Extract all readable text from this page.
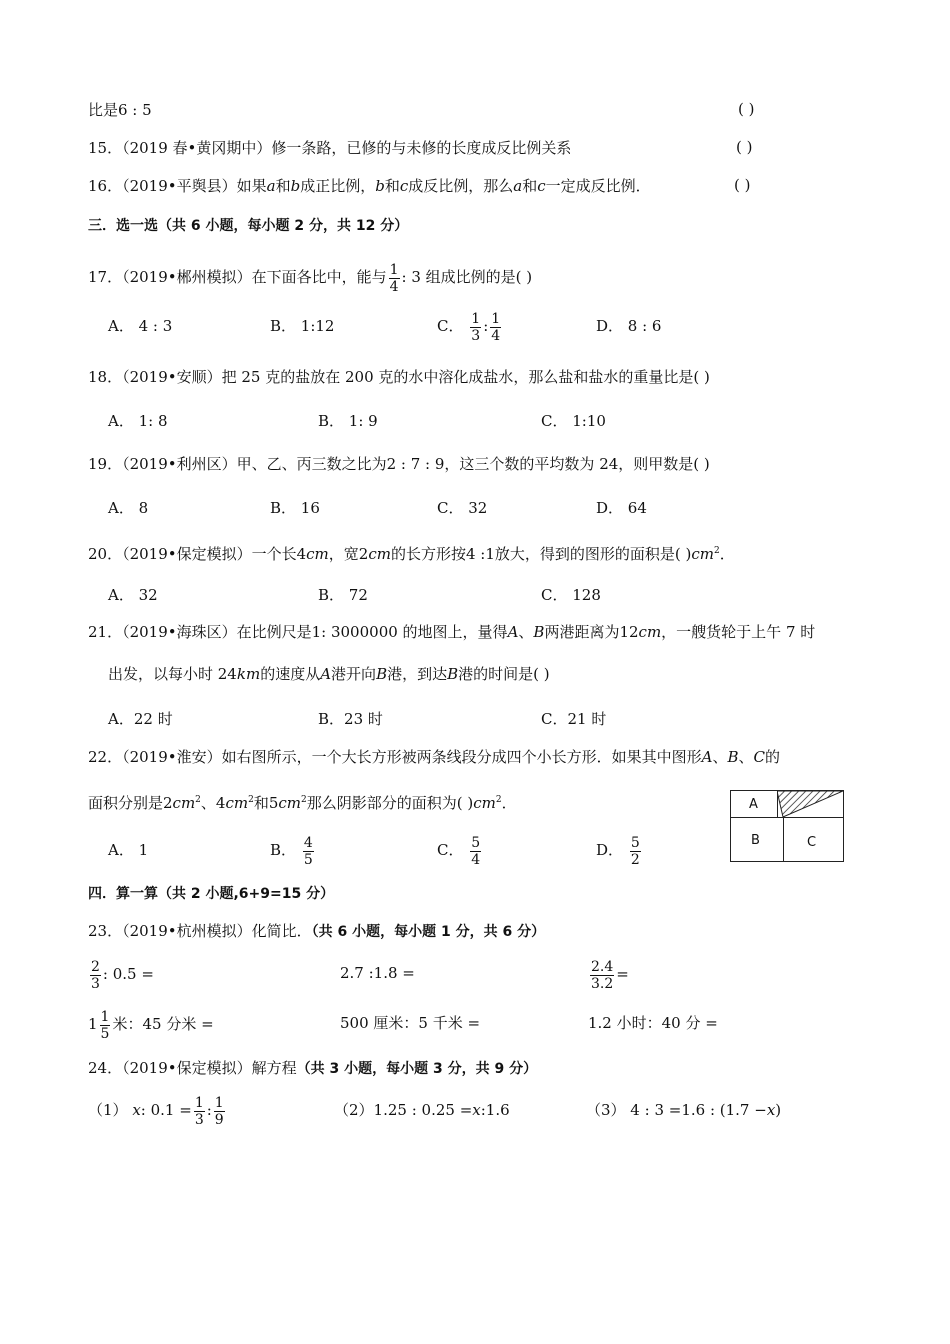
比是6 : 5	( )
15．（2019 春•黄冈期中）修一条路，已修的与未修的长度成反比例关系	( )
16．（2019•平舆县）如果a和b成正比例，b和c成反比例，那么a和c一定成反比例．	( )
三．选一选（共 6 小题，每小题 2 分，共 12 分）
17．（2019•郴州模拟）在下面各比中，能与 $\frac{1}{4}$ : 3 组成比例的是( )
A． 4 : 3	B． 1:12	C． $\frac{1}{3}$ : $\frac{1}{4}$	D． 8 : 6
18．（2019•安顺）把 25 克的盐放在 200 克的水中溶化成盐水，那么盐和盐水的重量比是( )
A． 1: 8	B． 1: 9	C． 1:10
19．（2019•利州区）甲、乙、丙三数之比为2 : 7 : 9，这三个数的平均数为 24，则甲数是( )
A． 8	B． 16	C． 32	D． 64
20．（2019•保定模拟）一个长4cm，宽2cm的长方形按4 :1放大，得到的图形的面积是( )$cm^2$．
A． 32	B． 72	C． 128
21．（2019•海珠区）在比例尺是1: 3000000 的地图上，量得A、B两港距离为12cm，一艘货轮于上午 7 时
出发，以每小时 24km的速度从A港开向B港，到达B港的时间是( )
A．22 时	B．23 时	C．21 时
22．（2019•淮安）如右图所示，一个大长方形被两条线段分成四个小长方形．如果其中图形A、B、C的
面积分别是$2cm^2$、$4cm^2$和$5cm^2$那么阴影部分的面积为( )$cm^2$．	A
B	C
A． 1	B． $\frac{4}{5}$	C． $\frac{5}{4}$	D． $\frac{5}{2}$
四．算一算（共 2 小题,6+9=15 分）
23．（2019•杭州模拟）化简比．（共 6 小题，每小题 1 分，共 6 分）
$\frac{2}{3}$ : 0.5 =	2.7 :1.8 =	$\frac{2.4}{3.2}$ =
$1 \frac{1}{5}$ 米：45 分米 =	500 厘米：5 千米 =	1.2 小时：40 分 =
24．（2019•保定模拟）解方程（共 3 小题，每小题 3 分，共 9 分）
（1） x: $0.1 = \frac{1}{3}$ : $\frac{1}{9}$	（2）1.25 : 0.25 =x:1.6	（3） 4 : 3 =1.6 : (1.7 −x)
